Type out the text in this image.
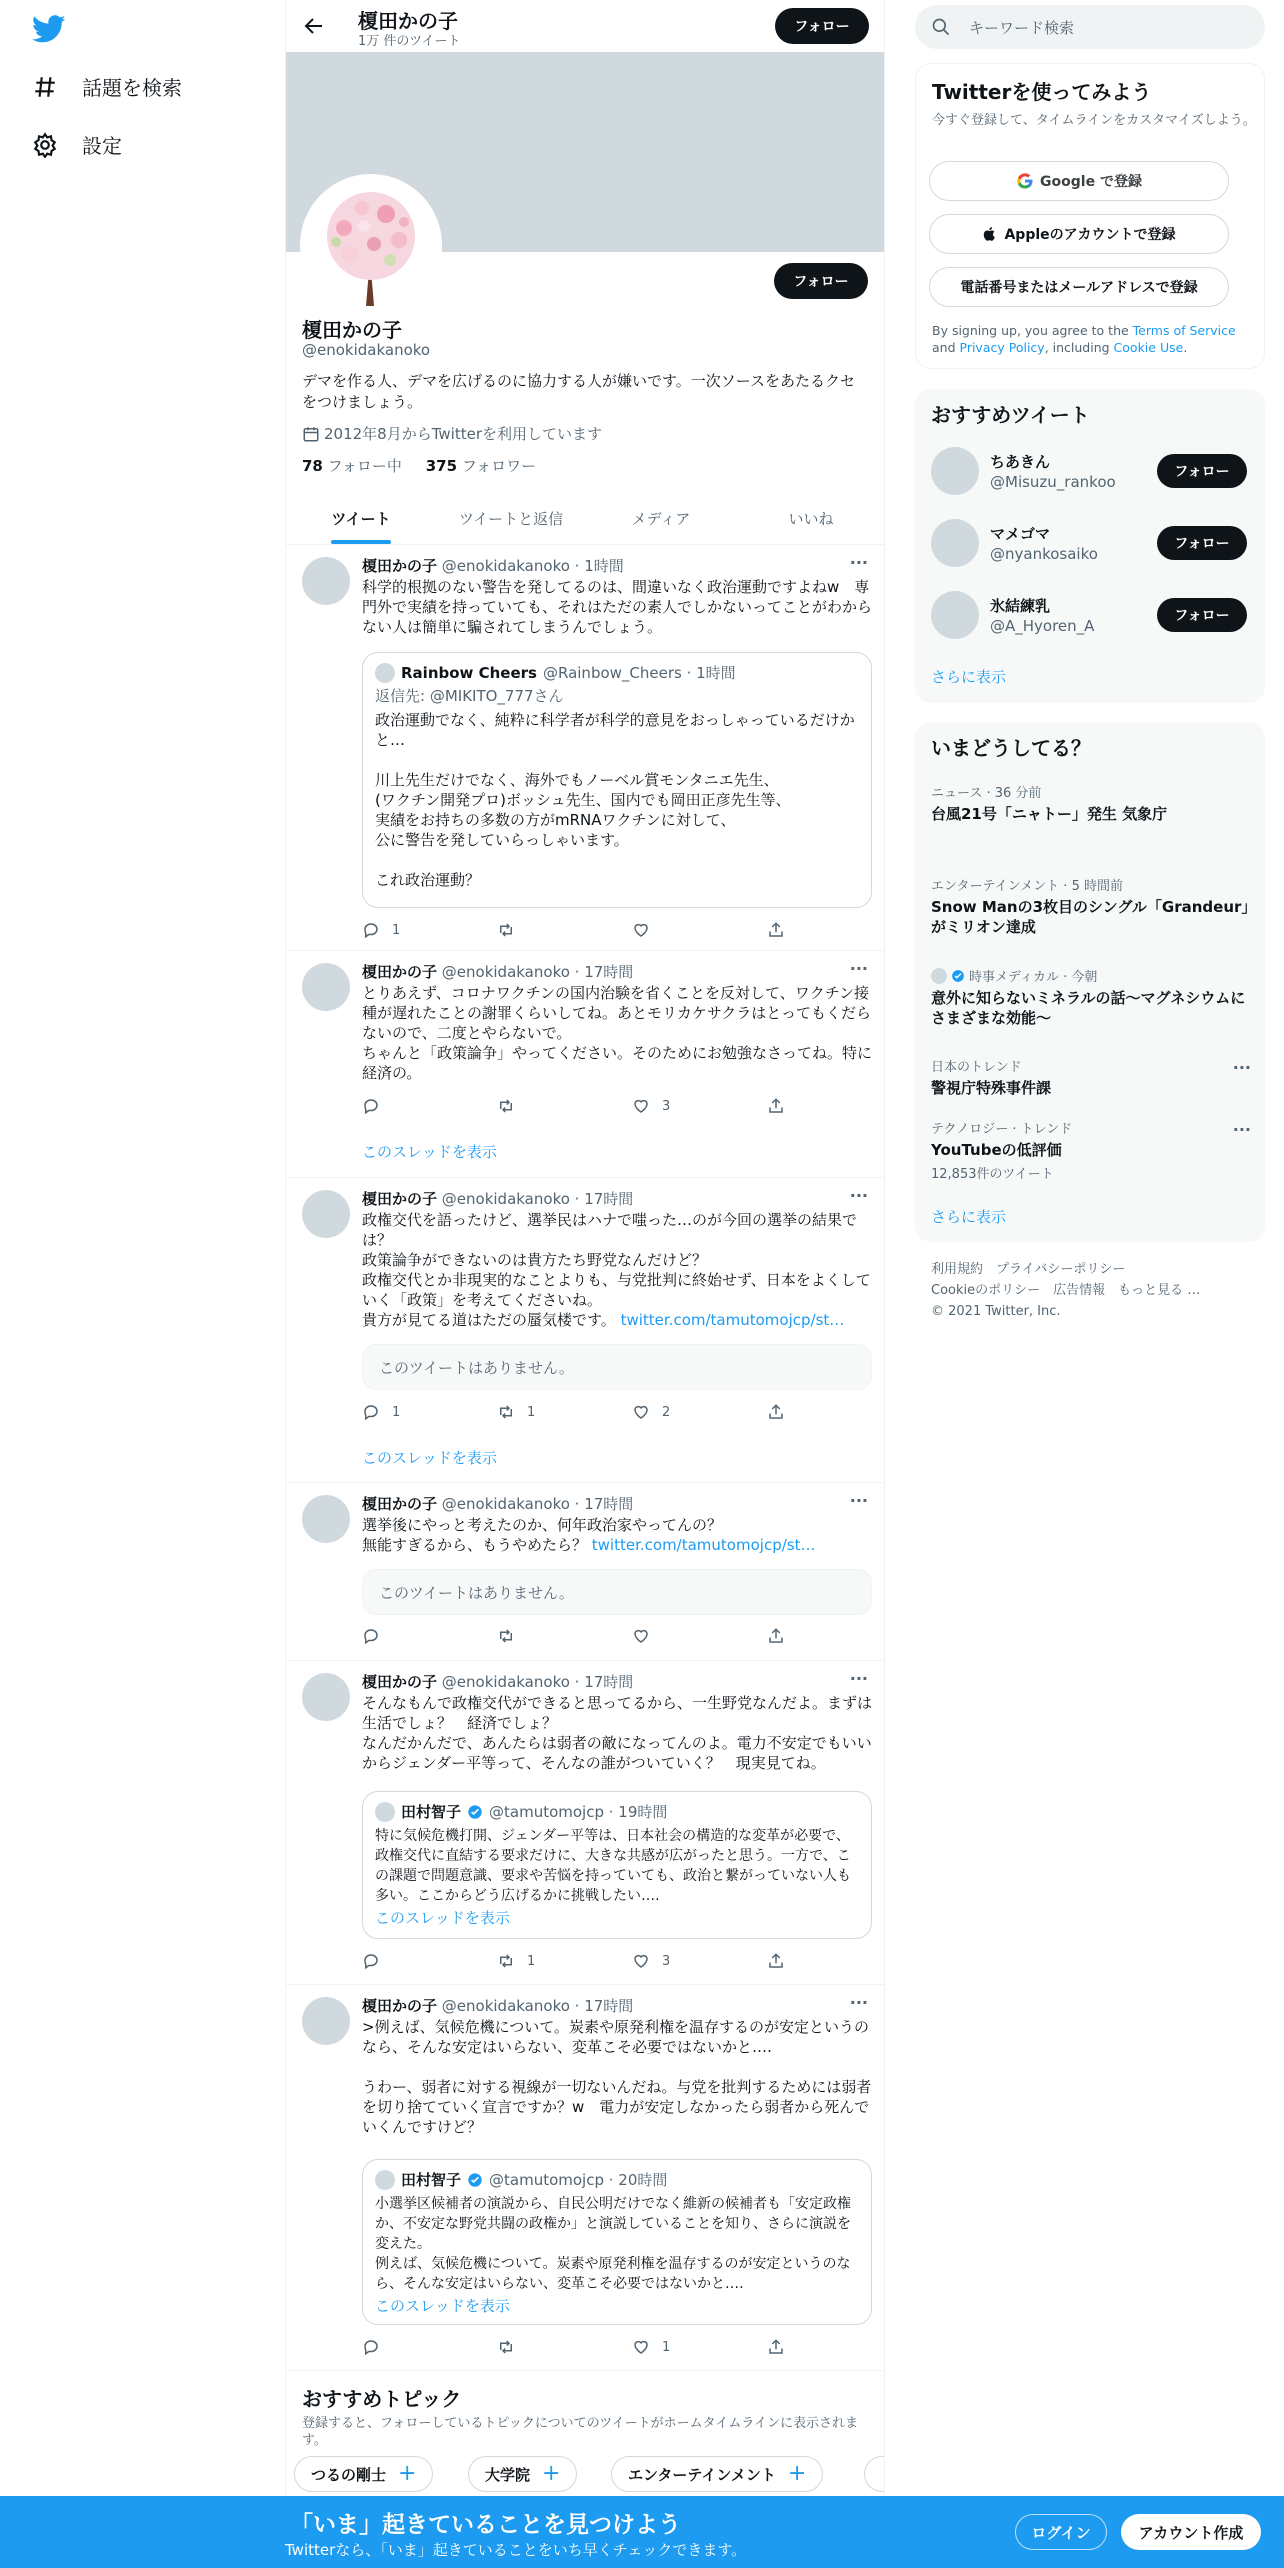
話題を検索
設定
榎田かの子
1万 件のツイート
フォロー
フォロー
榎田かの子
@enokidakanoko
デマを作る人、デマを広げるのに協力する人が嫌いです。一次ソースをあたるクセをつけましょう。
2012年8月からTwitterを利用しています
78 フォロー中 375 フォロワー
ツイート	ツイートと返信	メディア	いいね
榎田かの子 @enokidakanoko · 1時間	···
科学的根拠のない警告を発してるのは、間違いなく政治運動ですよねw　専門外で実績を持っていても、それはただの素人でしかないってことがわからない人は簡単に騙されてしまうんでしょう。
Rainbow Cheers @Rainbow_Cheers · 1時間
返信先: @MIKITO_777さん
政治運動でなく、純粋に科学者が科学的意見をおっしゃっているだけかと…

川上先生だけでなく、海外でもノーベル賞モンタニエ先生、
(ワクチン開発プロ)ボッシュ先生、国内でも岡田正彦先生等、
実績をお持ちの多数の方がmRNAワクチンに対して、
公に警告を発していらっしゃいます。

これ政治運動？
1
榎田かの子 @enokidakanoko · 17時間	···
とりあえず、コロナワクチンの国内治験を省くことを反対して、ワクチン接種が遅れたことの謝罪くらいしてね。あとモリカケサクラはとってもくだらないので、二度とやらないで。
ちゃんと「政策論争」やってください。そのためにお勉強なさってね。特に経済の。
3
このスレッドを表示
榎田かの子 @enokidakanoko · 17時間	···
政権交代を語ったけど、選挙民はハナで嗤った…のが今回の選挙の結果では？
政策論争ができないのは貴方たち野党なんだけど？
政権交代とか非現実的なことよりも、与党批判に終始せず、日本をよくしていく「政策」を考えてくださいね。
貴方が見てる道はただの蜃気楼です。 twitter.com/tamutomojcp/st…
このツイートはありません。
1	1	2
このスレッドを表示
榎田かの子 @enokidakanoko · 17時間	···
選挙後にやっと考えたのか、何年政治家やってんの？
無能すぎるから、もうやめたら？ twitter.com/tamutomojcp/st…
このツイートはありません。
榎田かの子 @enokidakanoko · 17時間	···
そんなもんで政権交代ができると思ってるから、一生野党なんだよ。まずは生活でしょ？　経済でしょ？
なんだかんだで、あんたらは弱者の敵になってんのよ。電力不安定でもいいからジェンダー平等って、そんなの誰がついていく？　現実見てね。
田村智子 @tamutomojcp · 19時間
特に気候危機打開、ジェンダー平等は、日本社会の構造的な変革が必要で、政権交代に直結する要求だけに、大きな共感が広がったと思う。一方で、この課題で問題意識、要求や苦悩を持っていても、政治と繋がっていない人も多い。ここからどう広げるかに挑戦したい‥‥
このスレッドを表示
1	3
榎田かの子 @enokidakanoko · 17時間	···
>例えば、気候危機について。炭素や原発利権を温存するのが安定というのなら、そんな安定はいらない、変革こそ必要ではないかと‥‥

うわー、弱者に対する視線が一切ないんだね。与党を批判するためには弱者を切り捨てていく宣言ですか？w　電力が安定しなかったら弱者から死んでいくんですけど？
田村智子 @tamutomojcp · 20時間
小選挙区候補者の演説から、自民公明だけでなく維新の候補者も「安定政権か、不安定な野党共闘の政権か」と演説していることを知り、さらに演説を変えた。
例えば、気候危機について。炭素や原発利権を温存するのが安定というのなら、そんな安定はいらない、変革こそ必要ではないかと‥‥
このスレッドを表示
1
おすすめトピック
登録すると、フォローしているトピックについてのツイートがホームタイムラインに表示されます。
つるの剛士 +	大学院 +	エンターテインメント +
キーワード検索
Twitterを使ってみよう
今すぐ登録して、タイムラインをカスタマイズしよう。
Google で登録
Appleのアカウントで登録
電話番号またはメールアドレスで登録
By signing up, you agree to the Terms of Service and Privacy Policy, including Cookie Use.
おすすめツイート
ちあきん
@Misuzu_rankoo
フォロー
マメゴマ
@nyankosaiko
フォロー
氷結練乳
@A_Hyoren_A
フォロー
さらに表示
いまどうしてる？
ニュース · 36 分前
台風21号「ニャトー」発生 気象庁
エンターテインメント · 5 時間前
Snow Manの3枚目のシングル「Grandeur」がミリオン達成
時事メディカル · 今朝
意外に知らないミネラルの話～マグネシウムにさまざまな効能～
日本のトレンド
警視庁特殊事件課
···
テクノロジー · トレンド
YouTubeの低評価
12,853件のツイート
···
さらに表示
利用規約　プライバシーポリシー
Cookieのポリシー　広告情報　もっと見る …
© 2021 Twitter, Inc.
「いま」起きていることを見つけよう
Twitterなら、「いま」起きていることをいち早くチェックできます。
ログイン	アカウント作成
